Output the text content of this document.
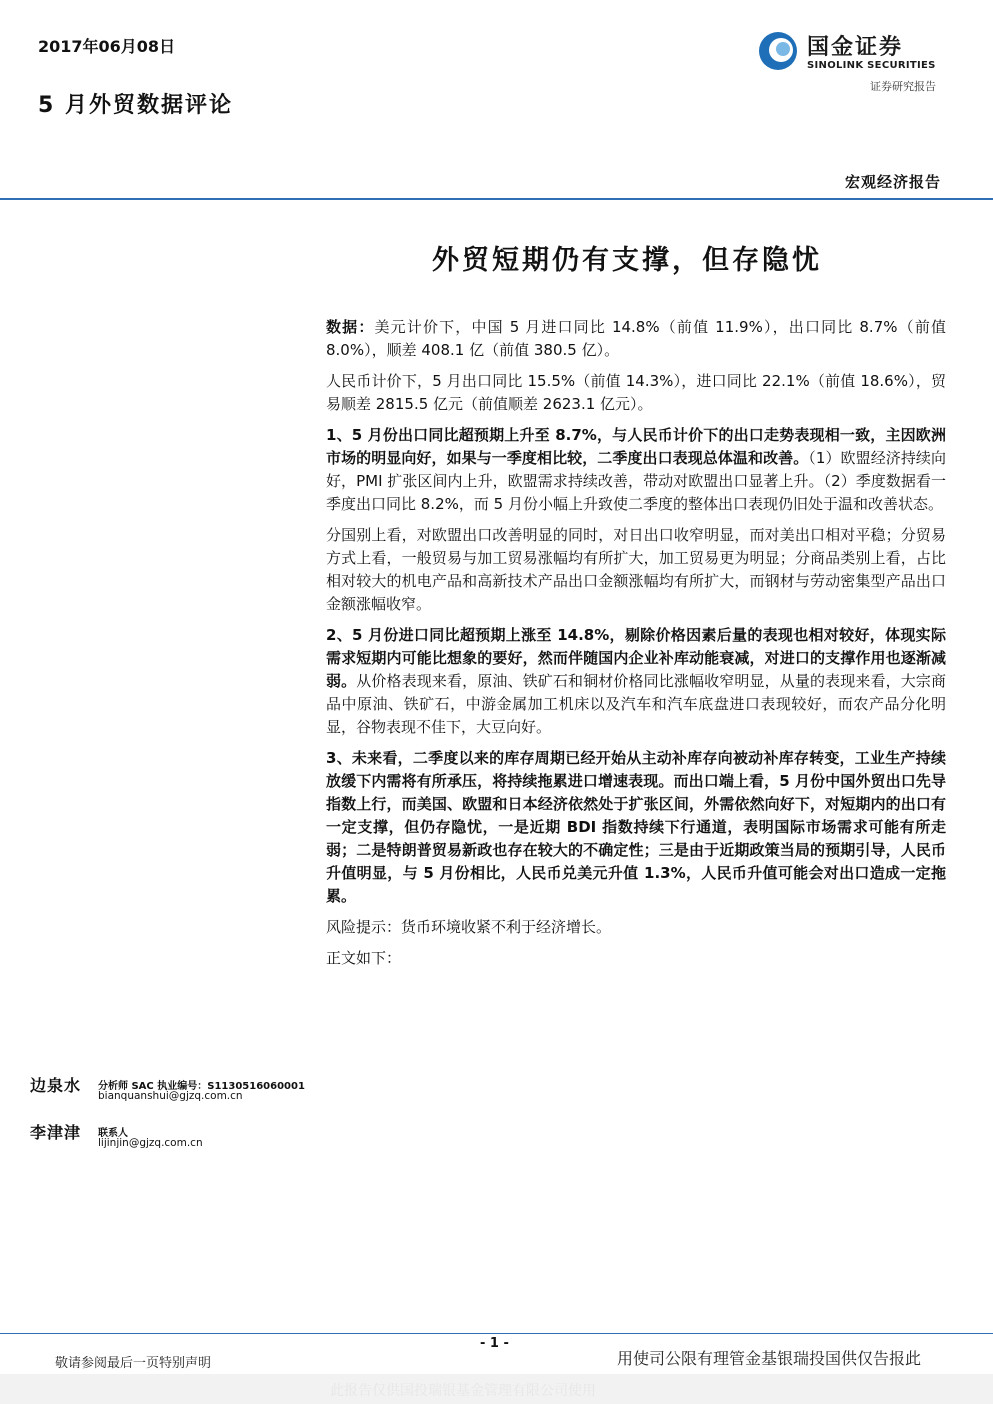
2017年06月08日
5 月外贸数据评论
国金证券
SINOLINK SECURITIES
证券研究报告
宏观经济报告
外贸短期仍有支撑，但存隐忧

数据：美元计价下，中国 5 月进口同比 14.8%（前值 11.9%），出口同比 8.7%（前值 8.0%），顺差 408.1 亿（前值 380.5 亿）。

人民币计价下，5 月出口同比 15.5%（前值 14.3%），进口同比 22.1%（前值 18.6%），贸易顺差 2815.5 亿元（前值顺差 2623.1 亿元）。

1、5 月份出口同比超预期上升至 8.7%，与人民币计价下的出口走势表现相一致，主因欧洲市场的明显向好，如果与一季度相比较，二季度出口表现总体温和改善。（1）欧盟经济持续向好，PMI 扩张区间内上升，欧盟需求持续改善，带动对欧盟出口显著上升。（2）季度数据看一季度出口同比 8.2%，而 5 月份小幅上升致使二季度的整体出口表现仍旧处于温和改善状态。

分国别上看，对欧盟出口改善明显的同时，对日出口收窄明显，而对美出口相对平稳；分贸易方式上看，一般贸易与加工贸易涨幅均有所扩大，加工贸易更为明显；分商品类别上看，占比相对较大的机电产品和高新技术产品出口金额涨幅均有所扩大，而钢材与劳动密集型产品出口金额涨幅收窄。

2、5 月份进口同比超预期上涨至 14.8%，剔除价格因素后量的表现也相对较好，体现实际需求短期内可能比想象的要好，然而伴随国内企业补库动能衰减，对进口的支撑作用也逐渐减弱。从价格表现来看，原油、铁矿石和铜材价格同比涨幅收窄明显，从量的表现来看，大宗商品中原油、铁矿石，中游金属加工机床以及汽车和汽车底盘进口表现较好，而农产品分化明显，谷物表现不佳下，大豆向好。

3、未来看，二季度以来的库存周期已经开始从主动补库存向被动补库存转变，工业生产持续放缓下内需将有所承压，将持续拖累进口增速表现。而出口端上看，5 月份中国外贸出口先导指数上行，而美国、欧盟和日本经济依然处于扩张区间，外需依然向好下，对短期内的出口有一定支撑，但仍存隐忧，一是近期 BDI 指数持续下行通道，表明国际市场需求可能有所走弱；二是特朗普贸易新政也存在较大的不确定性；三是由于近期政策当局的预期引导，人民币升值明显，与 5 月份相比，人民币兑美元升值 1.3%，人民币升值可能会对出口造成一定拖累。

风险提示：货币环境收紧不利于经济增长。

正文如下：

边泉水 分析师 SAC 执业编号：S1130516060001
bianquanshui@gjzq.com.cn
李津津 联系人
lijinjin@gjzq.com.cn
- 1 -
敬请参阅最后一页特别声明	用使司公限有理管金基银瑞投国供仅告报此
此报告仅供国投瑞银基金管理有限公司使用
